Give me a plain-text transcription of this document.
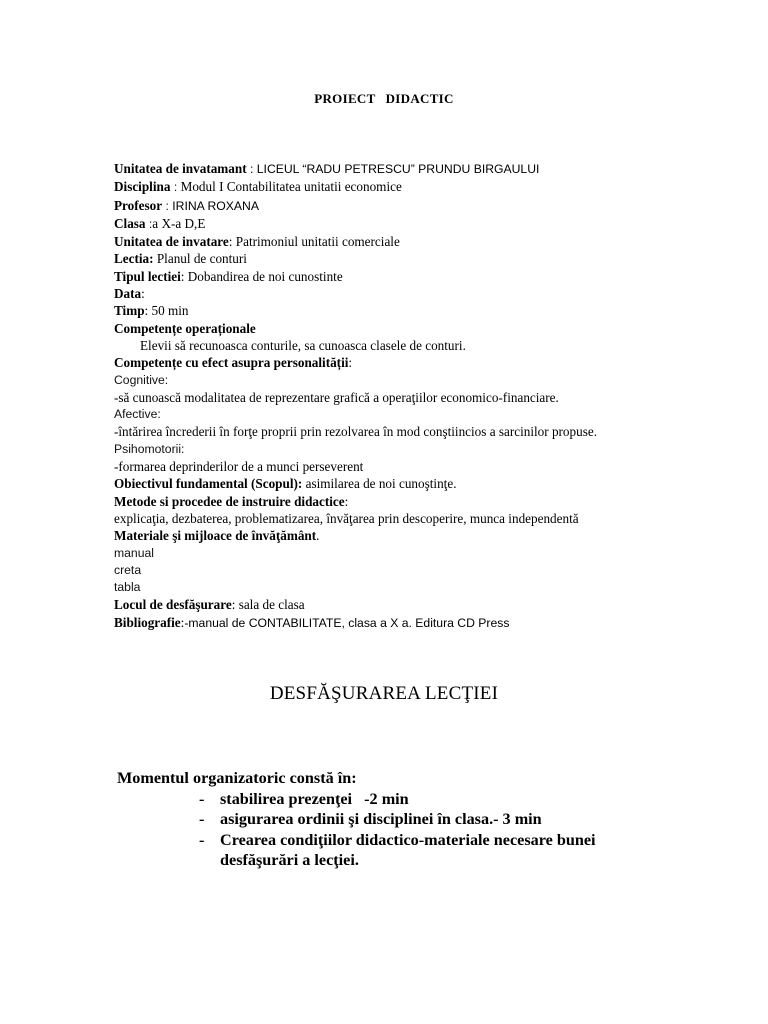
PROIECT DIDACTIC
Unitatea de invatamant : LICEUL “RADU PETRESCU” PRUNDU BIRGAULUI
Disciplina : Modul I Contabilitatea unitatii economice
Profesor : IRINA ROXANA
Clasa :a X-a D,E
Unitatea de invatare: Patrimoniul unitatii comerciale
Lectia: Planul de conturi
Tipul lectiei: Dobandirea de noi cunostinte
Data:
Timp: 50 min
Competențe operaționale
Elevii să recunoasca conturile, sa cunoasca clasele de conturi.
Competențe cu efect asupra personalității:
Cognitive:
-să cunoască modalitatea de reprezentare grafică a operaţiilor economico-financiare.
Afective:
-întărirea încrederii în forţe proprii prin rezolvarea în mod conştiincios a sarcinilor propuse.
Psihomotorii:
-formarea deprinderilor de a munci perseverent
Obiectivul fundamental (Scopul): asimilarea de noi cunoştinţe.
Metode si procedee de instruire didactice:
explicaţia, dezbaterea, problematizarea, învăţarea prin descoperire, munca independentă
Materiale şi mijloace de învăţământ.
manual
creta
tabla
Locul de desfăşurare: sala de clasa
Bibliografie:-manual de CONTABILITATE, clasa a X a. Editura CD Press
DESFĂŞURAREA LECŢIEI
Momentul organizatoric constă în:
- stabilirea prezenţei -2 min
- asigurarea ordinii şi disciplinei în clasa.- 3 min
- Crearea condiţiilor didactico-materiale necesare bunei desfăşurări a lecţiei.
